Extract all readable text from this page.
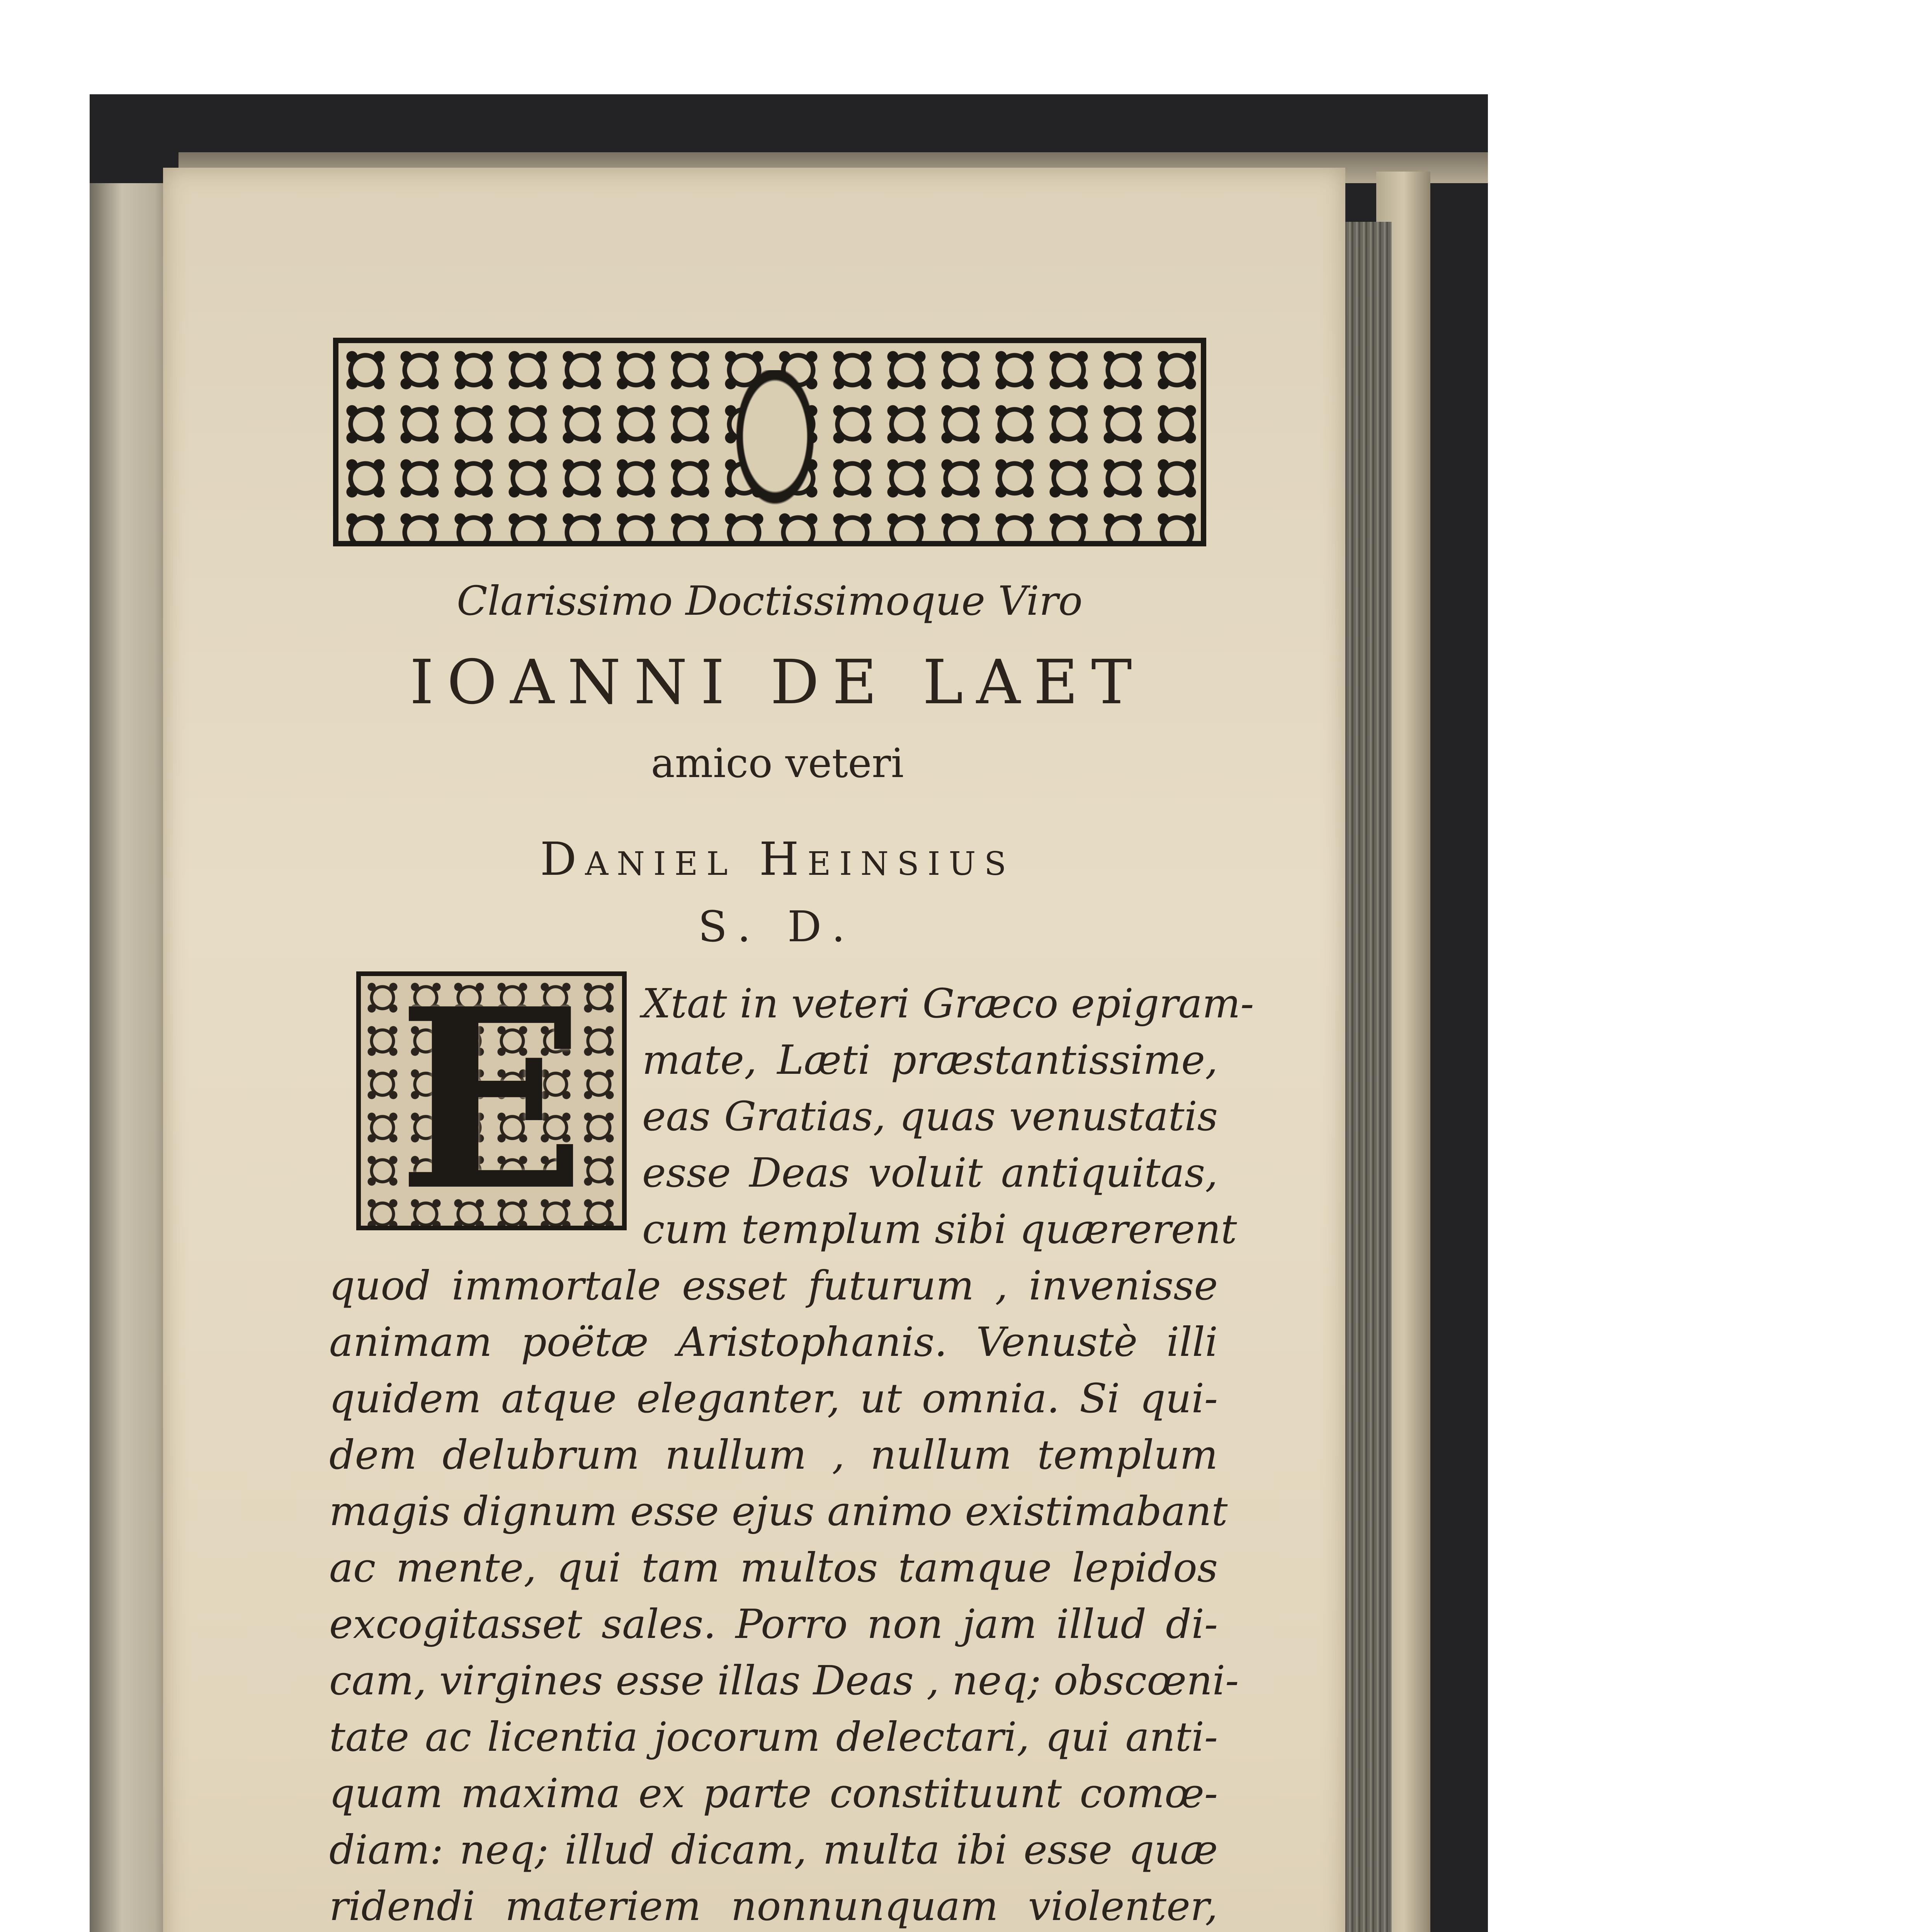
Clarissimo Doctissimoque Viro

IOANNI DE LAET

amico veteri

Daniel Heinsius

S. D.

E	Xtat in veteri Græco epigram-
mate, Læti præstantissime,
eas Gratias, quas venustatis
esse Deas voluit antiquitas,
cum templum sibi quærerent
quod immortale esset futurum , invenisse
animam poëtæ Aristophanis. Venustè illi
quidem atque eleganter, ut omnia. Si qui-
dem delubrum nullum , nullum templum
magis dignum esse ejus animo existimabant
ac mente, qui tam multos tamque lepidos
excogitasset sales. Porro non jam illud di-
cam, virgines esse illas Deas , neq; obscœni-
tate ac licentia jocorum delectari, qui anti-
quam maxima ex parte constituunt comœ-
diam: neq; illud dicam, multa ibi esse quæ
ridendi materiem nonnunquam violenter,
